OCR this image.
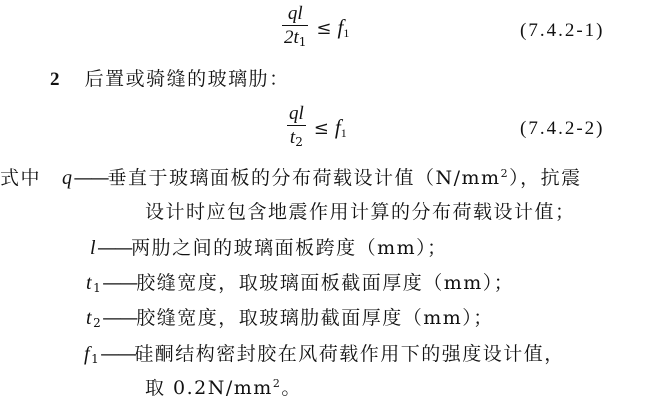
$\frac{ql}{2t_1} \le f_1$	(7.4.2-1)
2 后置或骑缝的玻璃肋：
$\frac{ql}{t_2} \le f_1$	(7.4.2-2)
式中 q——垂直于玻璃面板的分布荷载设计值$(N/mm^2)$，抗震
设计时应包含地震作用计算的分布荷载设计值；
l——两肋之间的玻璃面板跨度（mm）；
$t_1——$胶缝宽度，取玻璃面板截面厚度（mm）；
$t_2——$胶缝宽度，取玻璃肋截面厚度（mm）；
$f_1——$硅酮结构密封胶在风荷载作用下的强度设计值，
取 $0.2N/mm^2$。
